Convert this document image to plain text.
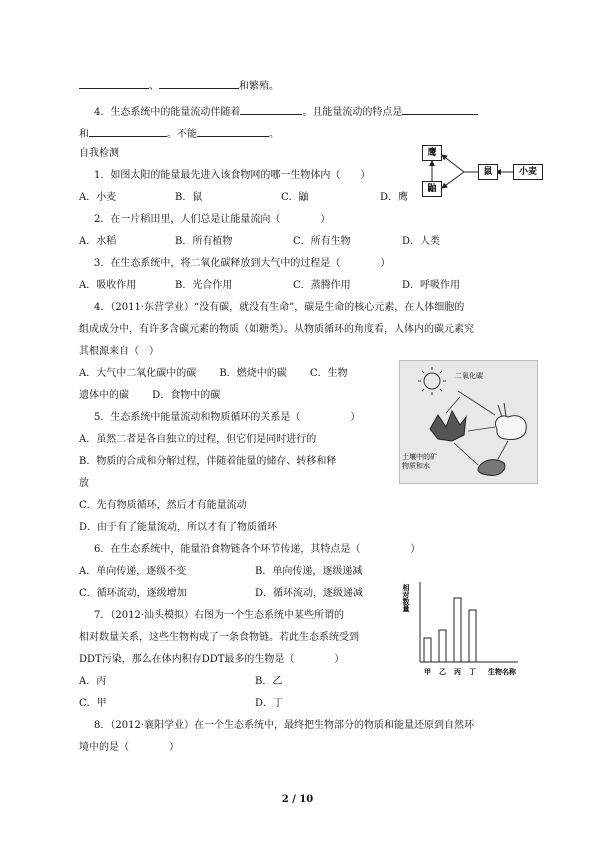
、	和繁殖。
4．生态系统中的能量流动伴随着	。且能量流动的特点是
和	。不能	。
自我检测
1．如图太阳的能量最先进入该食物网的哪一生物体内（　　）
A．小麦	B．鼠	C．鼬	D．鹰
鹰
鼬
鼠	小麦
2．在一片稻田里，人们总是让能量流向（　　　　）
A．水稻	B．所有植物	C．所有生物	D．人类
3．在生态系统中，将二氧化碳释放到大气中的过程是（　　　　）
A．吸收作用	B．光合作用	C．蒸腾作用	D．呼吸作用
4．（2011·东营学业）“没有碳，就没有生命”，碳是生命的核心元素，在人体细胞的
组成成分中，有许多含碳元素的物质（如糖类）。从物质循环的角度看，人体内的碳元素究
其根源来自（　）
A．大气中二氧化碳中的碳　　 B．燃烧中的碳　　 C．生物
遗体中的碳　　 D．食物中的碳
二氧化碳
土壤中的矿
物质和水
5．生态系统中能量流动和物质循环的关系是（　　　　　）
A．虽然二者是各自独立的过程，但它们是同时进行的
B．物质的合成和分解过程，伴随着能量的储存、转移和释
放
C．先有物质循环，然后才有能量流动
D．由于有了能量流动，所以才有了物质循环
6．在生态系统中，能量沿食物链各个环节传递，其特点是（　　　　　）
A．单向传递，逐级不变	B．单向传递，逐级递减
C．循环流动，逐级增加	D．循环流动，逐级递减
7．（2012·汕头模拟）右图为一个生态系统中某些所谓的
相对数量关系，这些生物构成了一条食物链。若此生态系统受到
DDT污染，那么在体内积存DDT最多的生物是（　　　　）
A．丙	B．乙
C．甲	D．丁
相对数量
生物名称
甲 乙 丙 丁
8．（2012·襄阳学业）在一个生态系统中，最终把生物部分的物质和能量还原到自然环
境中的是（　　　　）
2 / 10
